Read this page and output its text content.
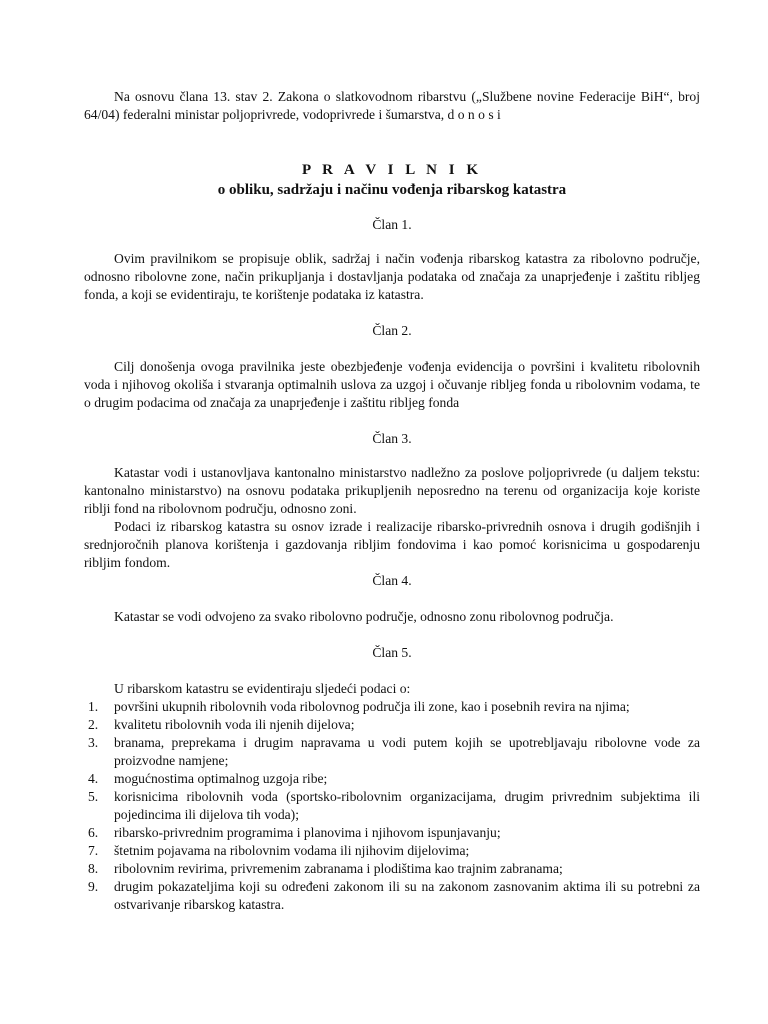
Na osnovu člana 13. stav 2. Zakona o slatkovodnom ribarstvu („Službene novine Federacije BiH“, broj 64/04) federalni ministar poljoprivrede, vodoprivrede i šumarstva, d o n o s i

P R A V I L N I K

o obliku, sadržaju i načinu vođenja ribarskog katastra

Član 1.

Ovim pravilnikom se propisuje oblik, sadržaj i način vođenja ribarskog katastra za ribolovno područje, odnosno ribolovne zone, način prikupljanja i dostavljanja podataka od značaja za unaprjeđenje i zaštitu ribljeg fonda, a koji se evidentiraju, te korištenje podataka iz katastra.

Član 2.

Cilj donošenja ovoga pravilnika jeste obezbjeđenje vođenja evidencija o površini i kvalitetu ribolovnih voda i njihovog okoliša i stvaranja optimalnih uslova za uzgoj i očuvanje ribljeg fonda u ribolovnim vodama, te o drugim podacima od značaja za unaprjeđenje i zaštitu ribljeg fonda

Član 3.

Katastar vodi i ustanovljava kantonalno ministarstvo nadležno za poslove poljoprivrede (u daljem tekstu: kantonalno ministarstvo) na osnovu podataka prikupljenih neposredno na terenu od organizacija koje koriste riblji fond na ribolovnom području, odnosno zoni.

Podaci iz ribarskog katastra su osnov izrade i realizacije ribarsko-privrednih osnova i drugih godišnjih i srednjoročnih planova korištenja i gazdovanja ribljim fondovima i kao pomoć korisnicima u gospodarenju ribljim fondom.

Član 4.

Katastar se vodi odvojeno za svako ribolovno područje, odnosno zonu ribolovnog područja.

Član 5.

U ribarskom katastru se evidentiraju sljedeći podaci o:

1. površini ukupnih ribolovnih voda ribolovnog područja ili zone, kao i posebnih revira na njima;
2. kvalitetu ribolovnih voda ili njenih dijelova;
3. branama, preprekama i drugim napravama u vodi putem kojih se upotrebljavaju ribolovne vode za proizvodne namjene;
4. mogućnostima optimalnog uzgoja ribe;
5. korisnicima ribolovnih voda (sportsko-ribolovnim organizacijama, drugim privrednim subjektima ili pojedincima ili dijelova tih voda);
6. ribarsko-privrednim programima i planovima i njihovom ispunjavanju;
7. štetnim pojavama na ribolovnim vodama ili njihovim dijelovima;
8. ribolovnim revirima, privremenim zabranama i plodištima kao trajnim zabranama;
9. drugim pokazateljima koji su određeni zakonom ili su na zakonom zasnovanim aktima ili su potrebni za ostvarivanje ribarskog katastra.
